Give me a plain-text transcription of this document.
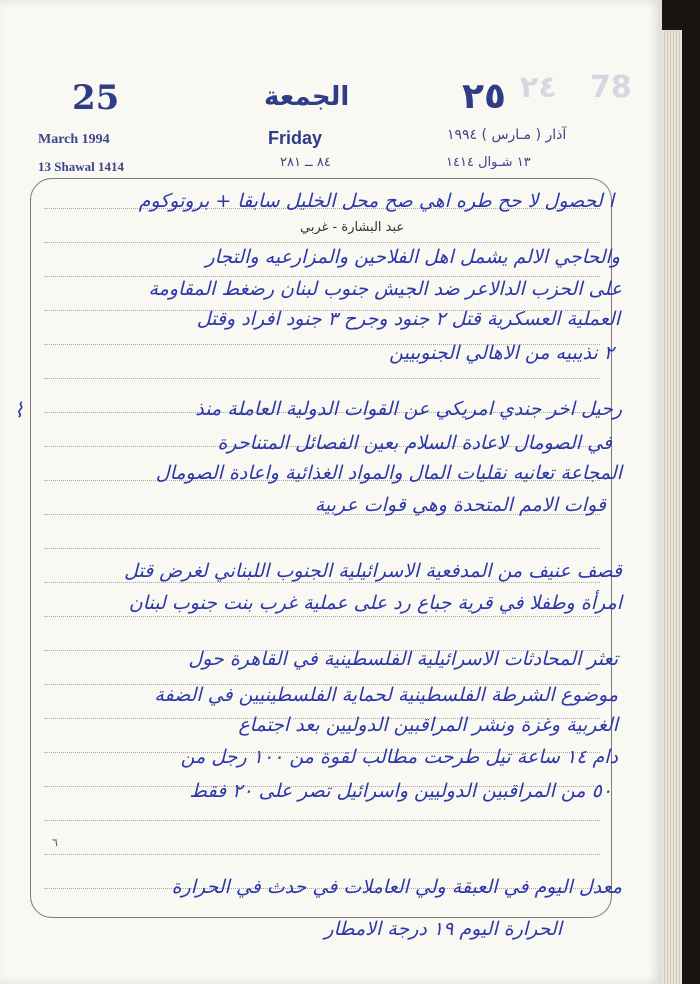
٢٤ 78
25	الجمعة	٢٥
Friday
March 1994	آذار ( مـارس ) ١٩٩٤
13 Shawal 1414	٨٤ ــ ٢٨١	١٣ شـوال ١٤١٤
عبد البشارة - غربي
ا لحصول لا حح طره اهي صح محل الخليل سابقا + بروتوكوم
والحاجي الالم يشمل اهل الفلاحين والمزارعيه والتجار
على الحزب الدالاعر ضد الجيش جنوب لبنان رضغط المقاومة
العملية العسكرية قتل ٢ جنود وجرح ٣ جنود افراد وقتل
٢ نذيبيه من الاهالي الجنوبيين
رحيل اخر جندي امريكي عن القوات الدولية العاملة منذ
في الصومال لاعادة السلام بعين الفصائل المتناحرة
المجاعة تعانيه نقليات المال والمواد الغذائية واعادة الصومال
قوات الامم المتحدة وهي قوات عربية
قصف عنيف من المدفعية الاسرائيلية الجنوب اللبناني لغرض قتل
امرأة وطفلا في قرية جباع رد على عملية غرب بنت جنوب لبنان
تعثر المحادثات الاسرائيلية الفلسطينية في القاهرة حول
موضوع الشرطة الفلسطينية لحماية الفلسطينيين في الضفة
الغربية وغزة ونشر المراقبين الدوليين بعد اجتماع
دام ١٤ ساعة تيل طرحت مطالب لقوة من ١٠٠ رجل من
٥٠ من المراقبين الدوليين واسرائيل تصر على ٢٠ فقط
معدل اليوم في العبقة ولي العاملات في حدث في الحرارة
الحرارة اليوم ١٩ درجة الامطار
⌇
٦
